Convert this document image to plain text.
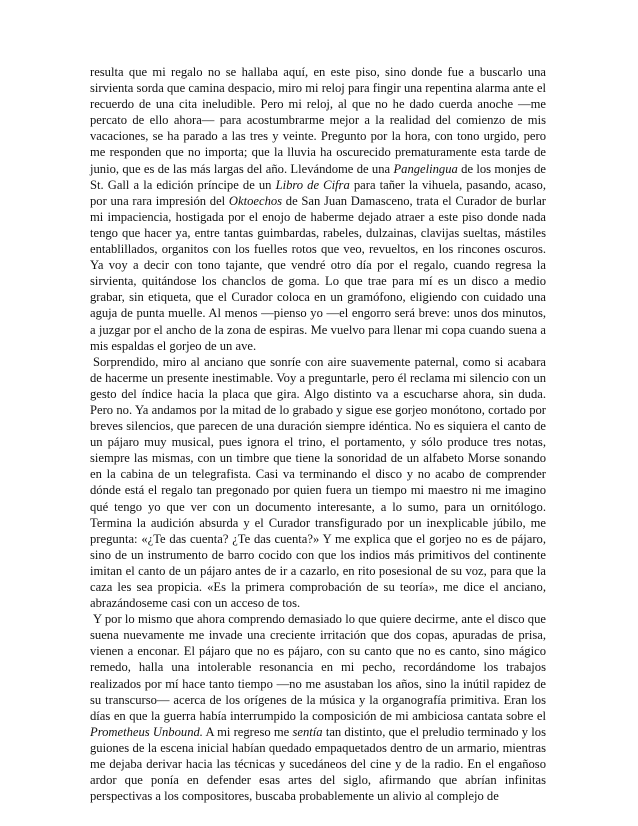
resulta que mi regalo no se hallaba aquí, en este piso, sino donde fue a buscarlo una sirvienta sorda que camina despacio, miro mi reloj para fingir una repentina alarma ante el recuerdo de una cita ineludible. Pero mi reloj, al que no he dado cuerda anoche —me percato de ello ahora— para acostumbrarme mejor a la realidad del comienzo de mis vacaciones, se ha parado a las tres y veinte. Pregunto por la hora, con tono urgido, pero me responden que no importa; que la lluvia ha oscurecido prematuramente esta tarde de junio, que es de las más largas del año. Llevándome de una Pangelingua de los monjes de St. Gall a la edición príncipe de un Libro de Cifra para tañer la vihuela, pasando, acaso, por una rara impresión del Oktoechos de San Juan Damasceno, trata el Curador de burlar mi impaciencia, hostigada por el enojo de haberme dejado atraer a este piso donde nada tengo que hacer ya, entre tantas guimbardas, rabeles, dulzainas, clavijas sueltas, mástiles entablillados, organitos con los fuelles rotos que veo, revueltos, en los rincones oscuros. Ya voy a decir con tono tajante, que vendré otro día por el regalo, cuando regresa la sirvienta, quitándose los chanclos de goma. Lo que trae para mí es un disco a medio grabar, sin etiqueta, que el Curador coloca en un gramófono, eligiendo con cuidado una aguja de punta muelle. Al menos —pienso yo —el engorro será breve: unos dos minutos, a juzgar por el ancho de la zona de espiras. Me vuelvo para llenar mi copa cuando suena a mis espaldas el gorjeo de un ave.

Sorprendido, miro al anciano que sonríe con aire suavemente paternal, como si acabara de hacerme un presente inestimable. Voy a preguntarle, pero él reclama mi silencio con un gesto del índice hacia la placa que gira. Algo distinto va a escucharse ahora, sin duda. Pero no. Ya andamos por la mitad de lo grabado y sigue ese gorjeo monótono, cortado por breves silencios, que parecen de una duración siempre idéntica. No es siquiera el canto de un pájaro muy musical, pues ignora el trino, el portamento, y sólo produce tres notas, siempre las mismas, con un timbre que tiene la sonoridad de un alfabeto Morse sonando en la cabina de un telegrafista. Casi va terminando el disco y no acabo de comprender dónde está el regalo tan pregonado por quien fuera un tiempo mi maestro ni me imagino qué tengo yo que ver con un documento interesante, a lo sumo, para un ornitólogo. Termina la audición absurda y el Curador transfigurado por un inexplicable júbilo, me pregunta: «¿Te das cuenta? ¿Te das cuenta?» Y me explica que el gorjeo no es de pájaro, sino de un instrumento de barro cocido con que los indios más primitivos del continente imitan el canto de un pájaro antes de ir a cazarlo, en rito posesional de su voz, para que la caza les sea propicia. «Es la primera comprobación de su teoría», me dice el anciano, abrazándoseme casi con un acceso de tos.

Y por lo mismo que ahora comprendo demasiado lo que quiere decirme, ante el disco que suena nuevamente me invade una creciente irritación que dos copas, apuradas de prisa, vienen a enconar. El pájaro que no es pájaro, con su canto que no es canto, sino mágico remedo, halla una intolerable resonancia en mi pecho, recordándome los trabajos realizados por mí hace tanto tiempo —no me asustaban los años, sino la inútil rapidez de su transcurso— acerca de los orígenes de la música y la organografía primitiva. Eran los días en que la guerra había interrumpido la composición de mi ambiciosa cantata sobre el Prometheus Unbound. A mi regreso me sentía tan distinto, que el preludio terminado y los guiones de la escena inicial habían quedado empaquetados dentro de un armario, mientras me dejaba derivar hacia las técnicas y sucedáneos del cine y de la radio. En el engañoso ardor que ponía en defender esas artes del siglo, afirmando que abrían infinitas perspectivas a los compositores, buscaba probablemente un alivio al complejo de
